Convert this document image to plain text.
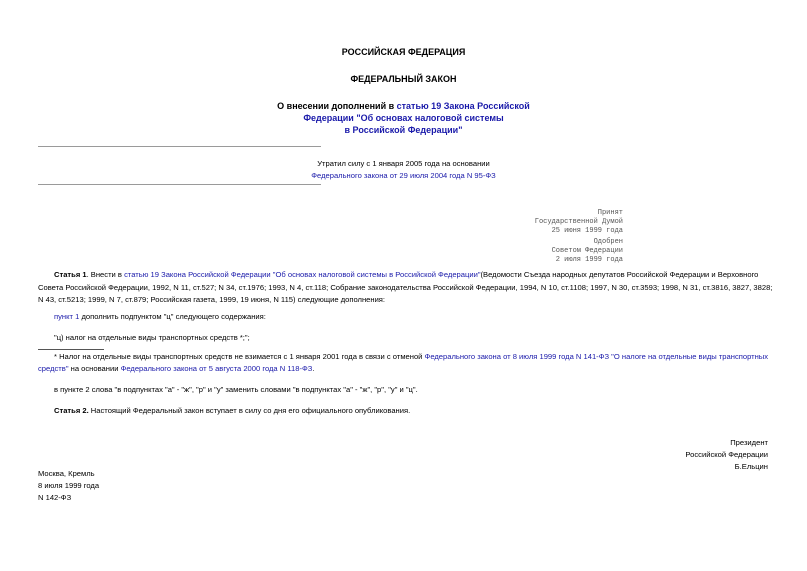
РОССИЙСКАЯ ФЕДЕРАЦИЯ
ФЕДЕРАЛЬНЫЙ ЗАКОН
О внесении дополнений в статью 19 Закона Российской
Федерации "Об основах налоговой системы
в Российской Федерации"
Утратил силу с 1 января 2005 года на основании
Федерального закона от 29 июля 2004 года N 95-ФЗ
Принят
Государственной Думой
25 июня 1999 года
Одобрен
Советом Федерации
2 июля 1999 года
Статья 1. Внести в статью 19 Закона Российской Федерации "Об основах налоговой системы в Российской Федерации"(Ведомости Съезда народных депутатов Российской Федерации и Верховного Совета Российской Федерации, 1992, N 11, ст.527; N 34, ст.1976; 1993, N 4, ст.118; Собрание законодательства Российской Федерации, 1994, N 10, ст.1108; 1997, N 30, ст.3593; 1998, N 31, ст.3816, 3827, 3828; N 43, ст.5213; 1999, N 7, ст.879; Российская газета, 1999, 19 июня, N 115) следующие дополнения:
пункт 1 дополнить подпунктом "ц" следующего содержания:
"ц) налог на отдельные виды транспортных средств *;";
* Налог на отдельные виды транспортных средств не взимается с 1 января 2001 года в связи с отменой Федерального закона от 8 июля 1999 года N 141-ФЗ "О налоге на отдельные виды транспортных средств" на основании Федерального закона от 5 августа 2000 года N 118-ФЗ.
в пункте 2 слова "в подпунктах "а" - "ж", "р" и "у" заменить словами "в подпунктах "а" - "ж", "р", "у" и "ц".
Статья 2. Настоящий Федеральный закон вступает в силу со дня его официального опубликования.
Президент
Российской Федерации
Б.Ельцин
Москва, Кремль
8 июля 1999 года
N 142-ФЗ
